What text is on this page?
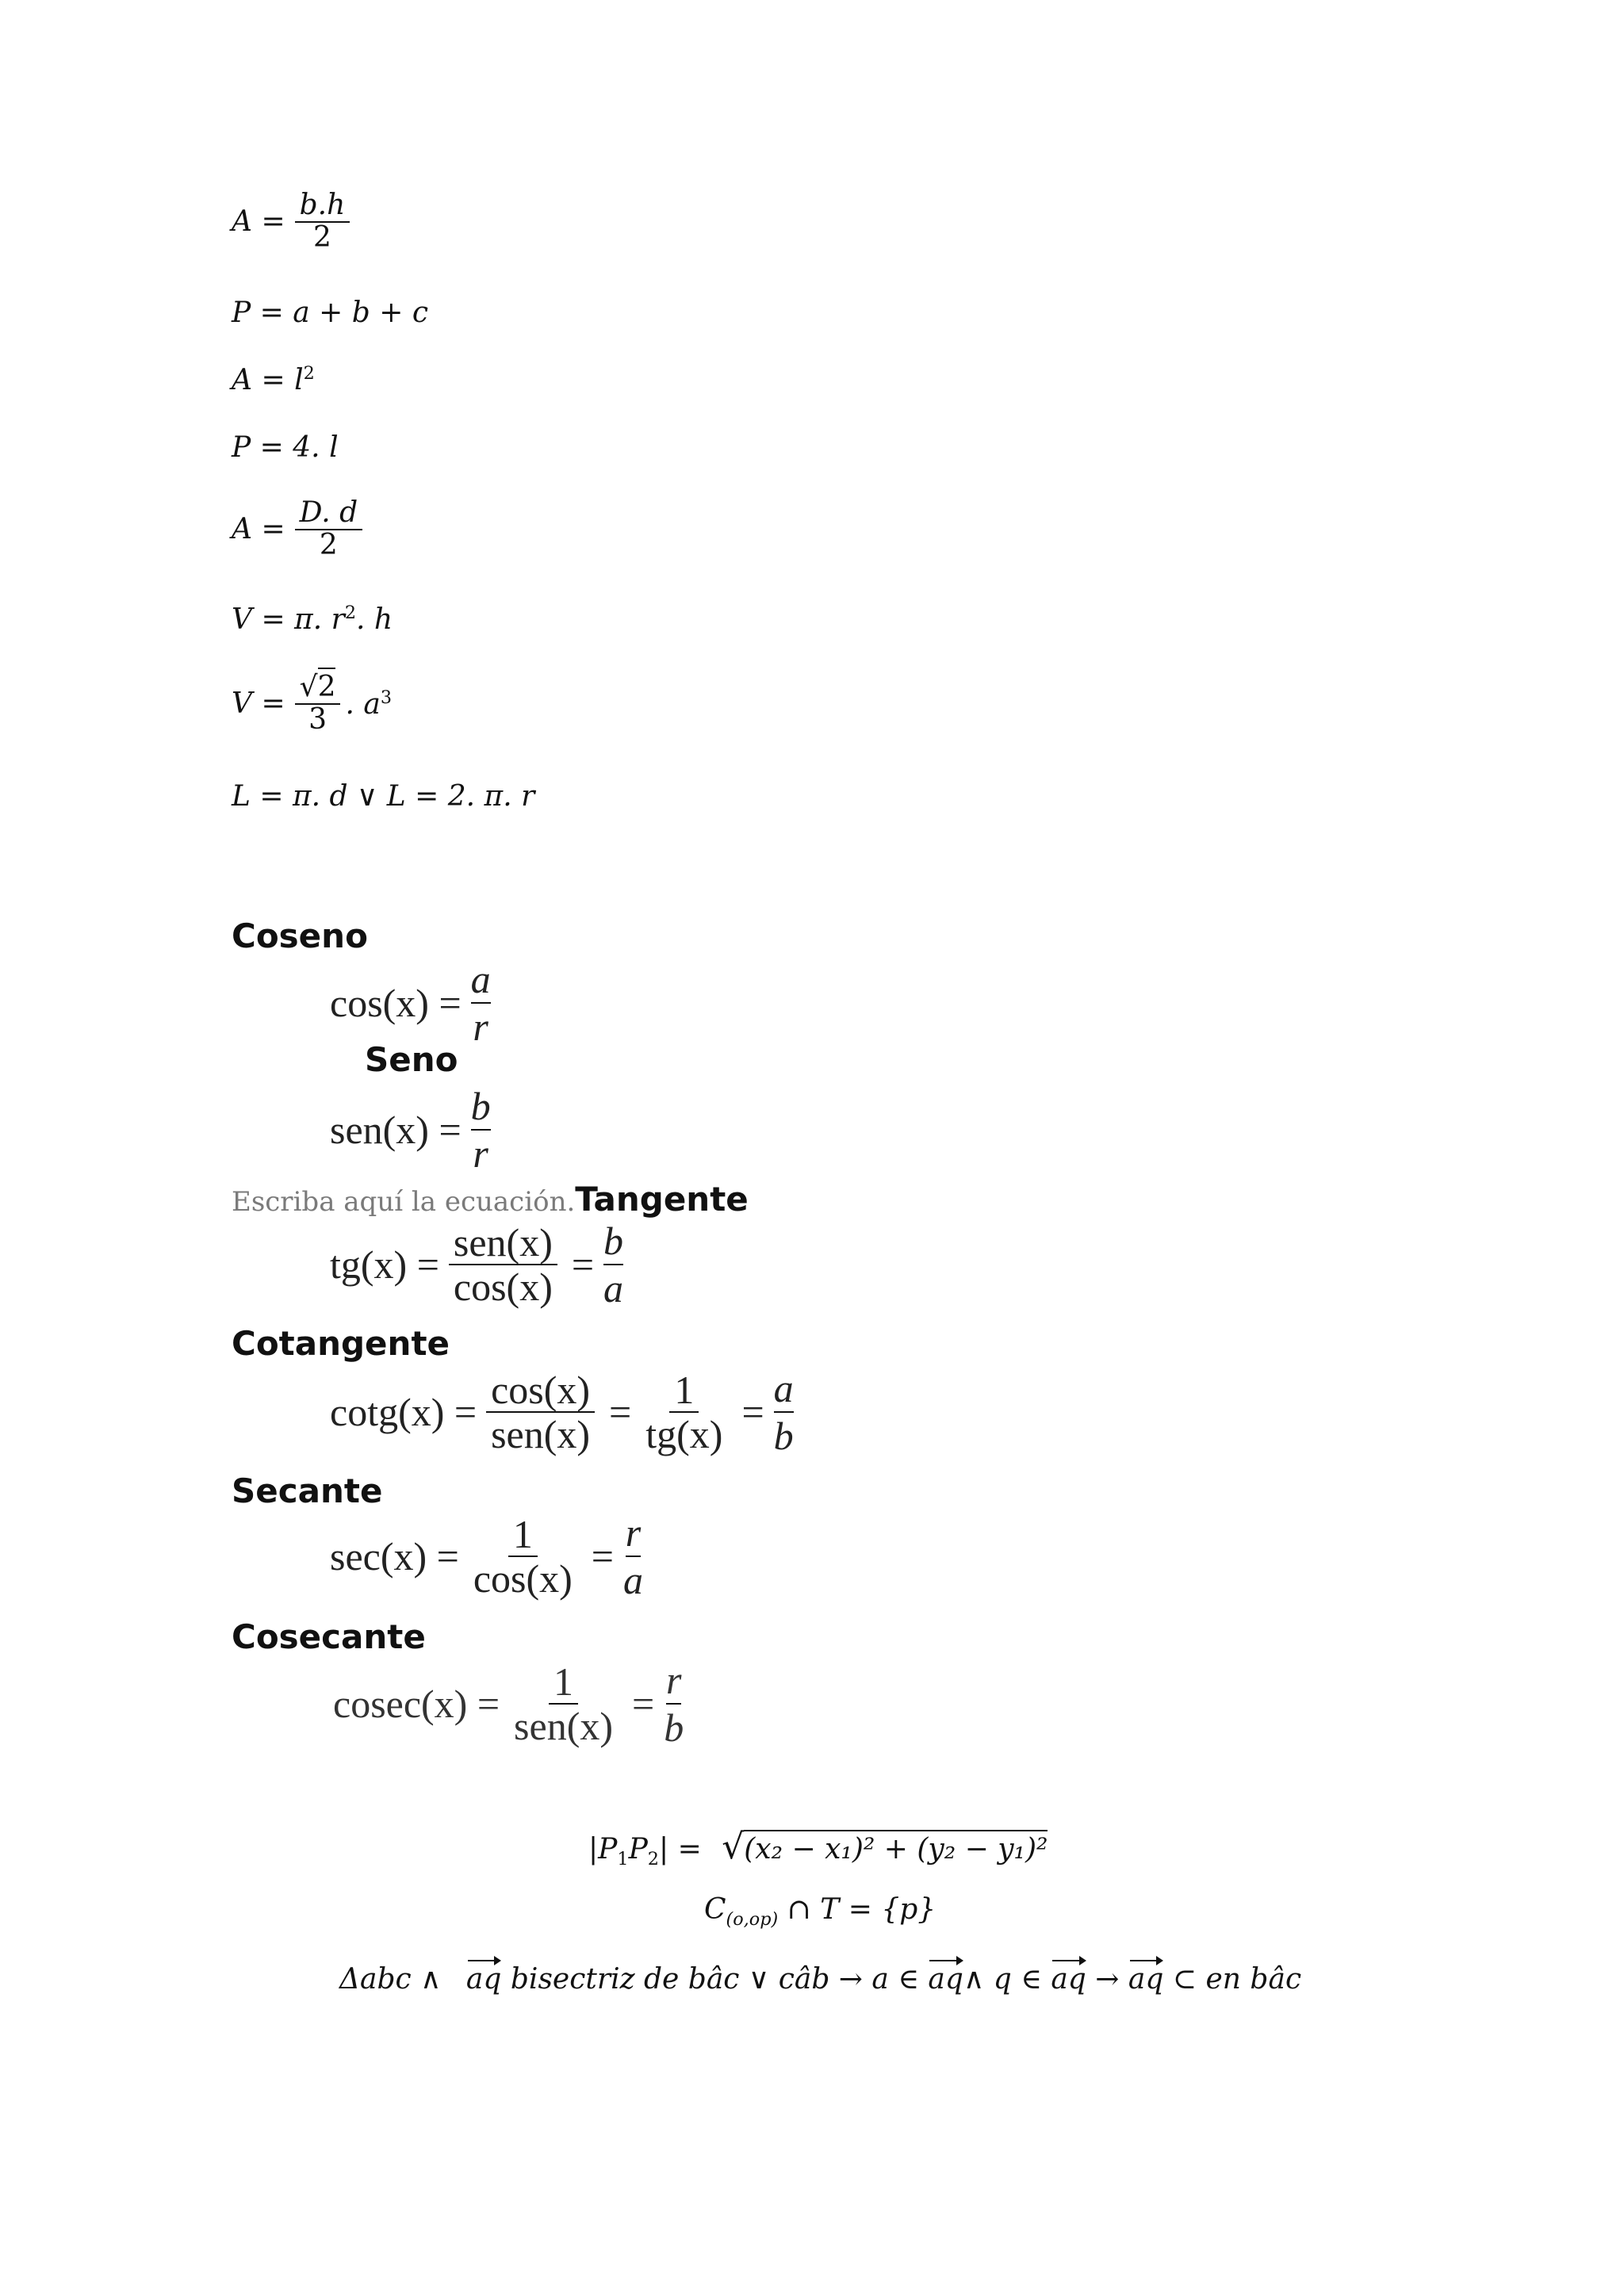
$A = \frac{b.h}{2}$
P = a + b + c
$A = l^2$
P = 4. l
$A = \frac{D. d}{2}$
V = π. $r^2$. h
$V = \frac{√2}{3}$ . $a^3$
L = π. d ∨ L = 2. π. r
Coseno
$\cos(x) = \frac{a}{r}$
Seno
$sen(x) = \frac{b}{r}$
Escriba aquí la ecuación.Tangente
$tg(x) = \frac{\text{sen(x)}}{\cos(x)} = \frac{b}{a}$
Cotangente
$\cot g(x) = \frac{\cos(x)}{\text{sen(x)}} = \frac{1}{tg(x)} = \frac{a}{b}$
Secante
$\sec(x) = \frac{1}{\cos(x)} = \frac{r}{a}$
Cosecante
$cosec(x) = \frac{1}{\text{sen(x)}} = \frac{r}{b}$
$|P_1P_2| = √(x_2 - x_1)^2 + (y_2 - y_1)^2$
$C_{(o,op)}$ ∩ T = {p}
Δabc ∧ aq bisectriz de bâc ∨ câb → a ∈ aq∧ q ∈ aq → aq ⊂ en bâc
